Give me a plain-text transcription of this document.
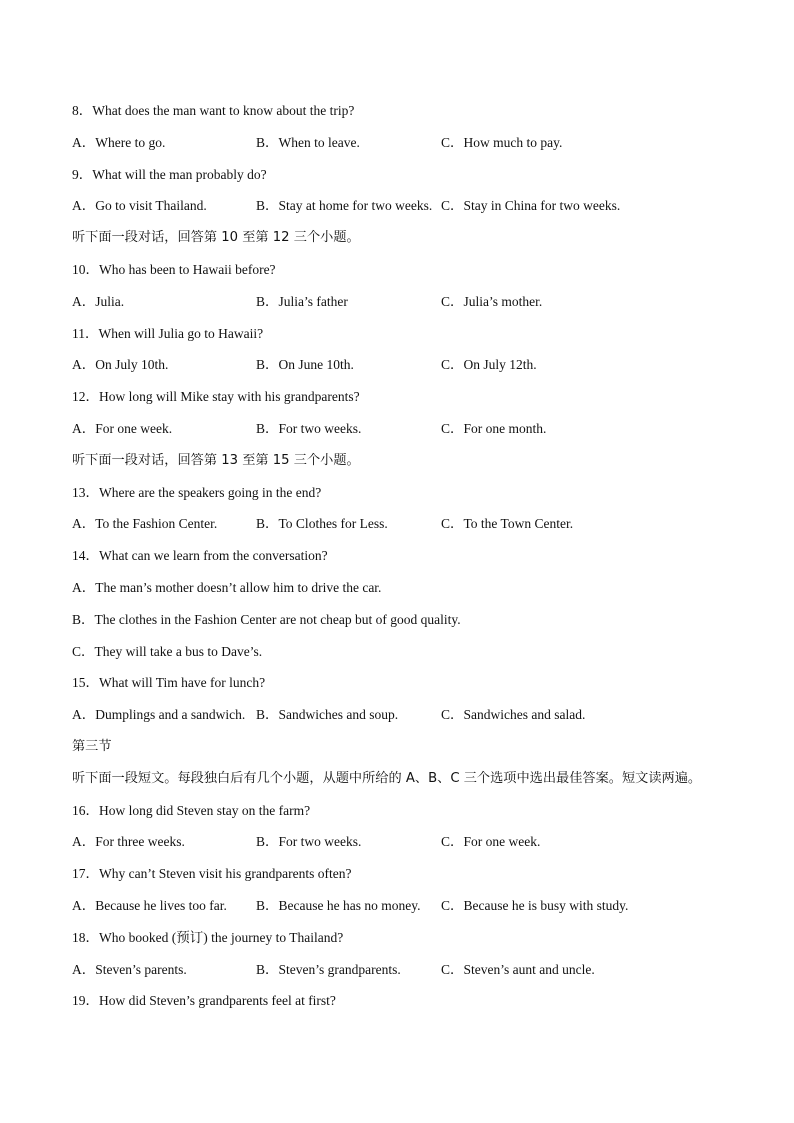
8．What does the man want to know about the trip?
A．Where to go.	B．When to leave.	C．How much to pay.
9．What will the man probably do?
A．Go to visit Thailand.	B．Stay at home for two weeks. C．Stay in China for two weeks.
听下面一段对话，回答第 10 至第 12 三个小题。
10．Who has been to Hawaii before?
A．Julia.	B．Julia’s father	C．Julia’s mother.
11．When will Julia go to Hawaii?
A．On July 10th.	B．On June 10th.	C．On July 12th.
12．How long will Mike stay with his grandparents?
A．For one week.	B．For two weeks.	C．For one month.
听下面一段对话，回答第 13 至第 15 三个小题。
13．Where are the speakers going in the end?
A．To the Fashion Center.	B．To Clothes for Less.	C．To the Town Center.
14．What can we learn from the conversation?
A．The man’s mother doesn’t allow him to drive the car.
B．The clothes in the Fashion Center are not cheap but of good quality.
C．They will take a bus to Dave’s.
15．What will Tim have for lunch?
A．Dumplings and a sandwich. B．Sandwiches and soup.	C．Sandwiches and salad.
第三节
听下面一段短文。每段独白后有几个小题，从题中所给的 A、B、C 三个选项中选出最佳答案。短文读两遍。
16．How long did Steven stay on the farm?
A．For three weeks.	B．For two weeks.	C．For one week.
17．Why can’t Steven visit his grandparents often?
A．Because he lives too far. B．Because he has no money. C．Because he is busy with study.
18．Who booked (预订) the journey to Thailand?
A．Steven’s parents.	B．Steven’s grandparents.	C．Steven’s aunt and uncle.
19．How did Steven’s grandparents feel at first?
